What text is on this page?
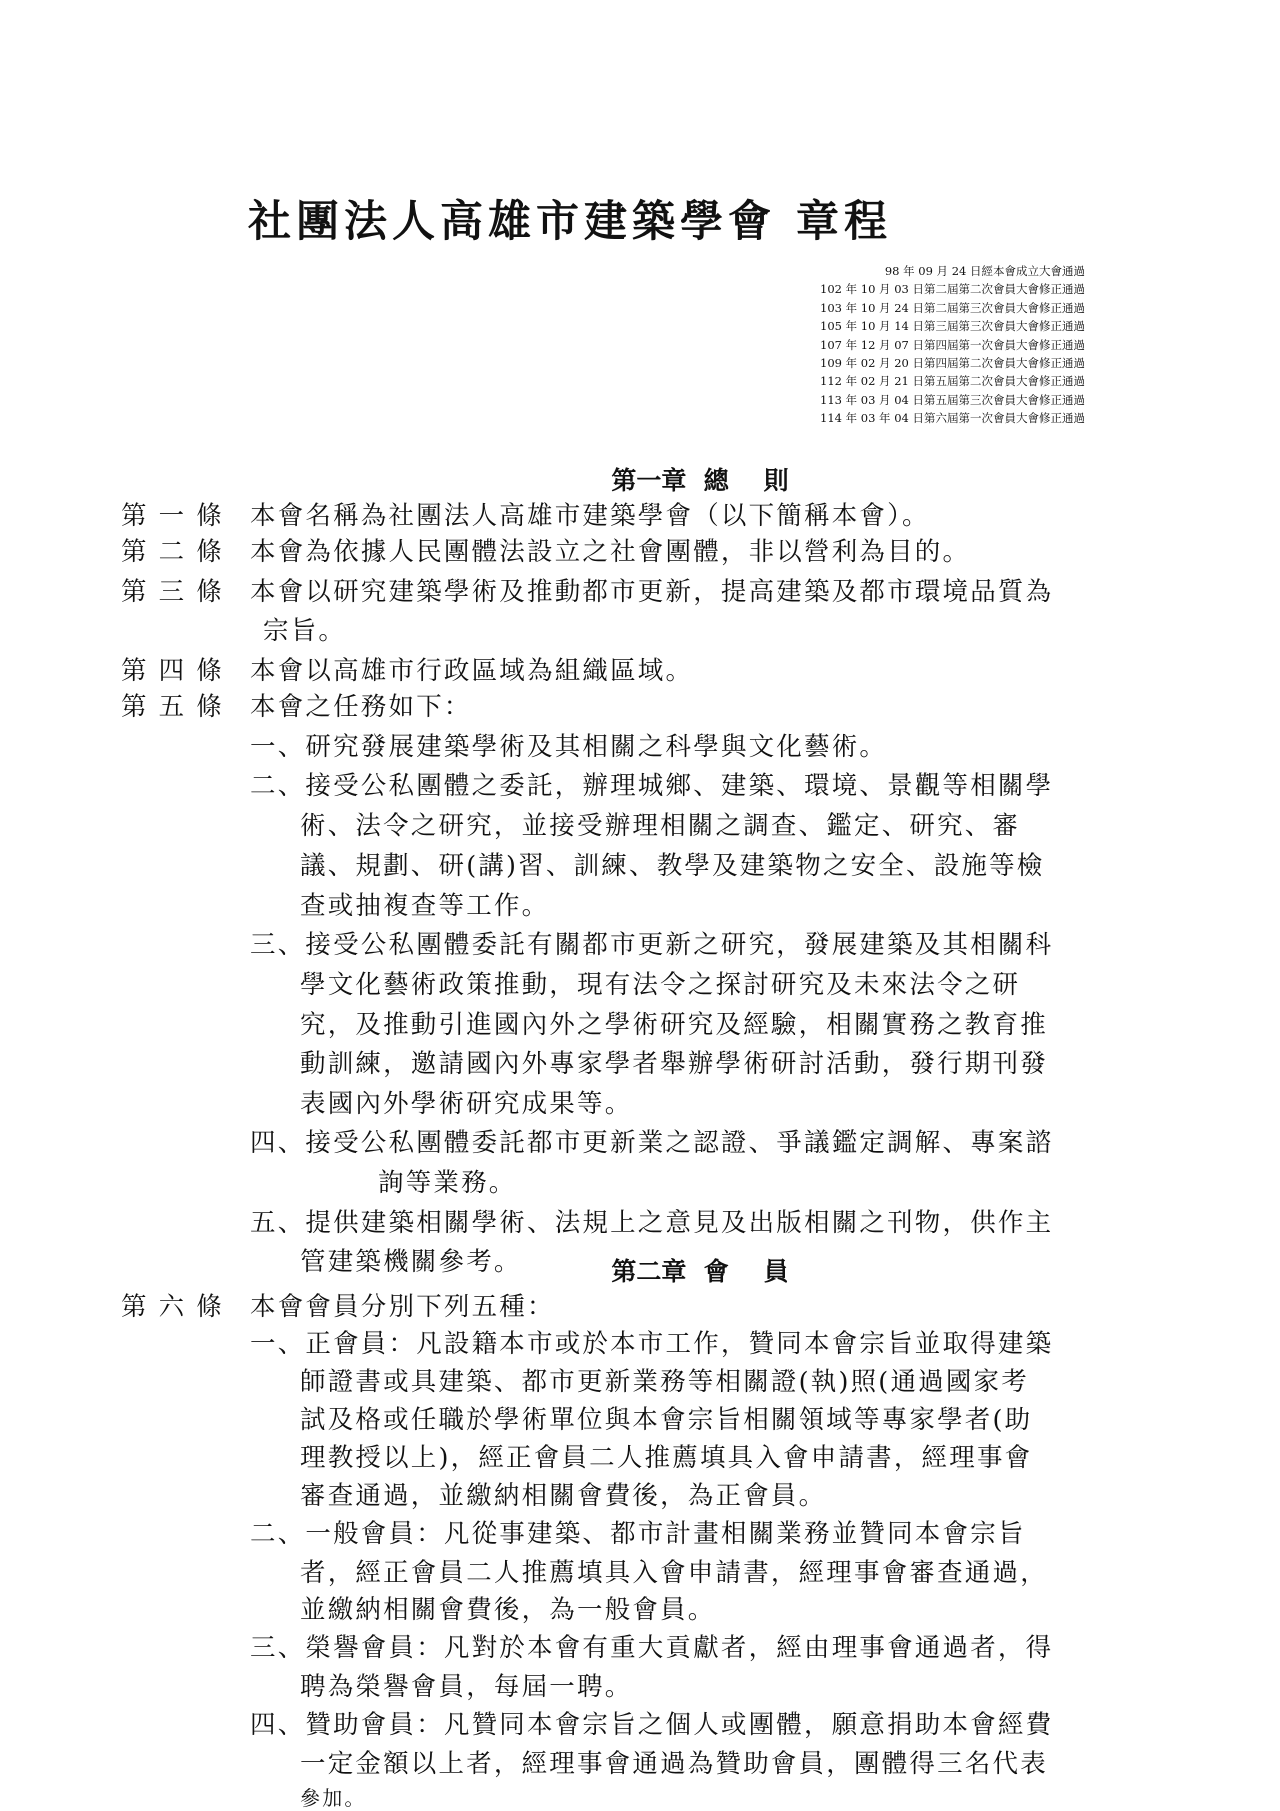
社團法人高雄市建築學會 章程
98 年 09 月 24 日經本會成立大會通過
102 年 10 月 03 日第二屆第二次會員大會修正通過
103 年 10 月 24 日第二屆第三次會員大會修正通過
105 年 10 月 14 日第三屆第三次會員大會修正通過
107 年 12 月 07 日第四屆第一次會員大會修正通過
109 年 02 月 20 日第四屆第二次會員大會修正通過
112 年 02 月 21 日第五屆第二次會員大會修正通過
113 年 03 月 04 日第五屆第三次會員大會修正通過
114 年 03 年 04 日第六屆第一次會員大會修正通過
第一章  總    則
第 一 條 本會名稱為社團法人高雄市建築學會（以下簡稱本會）。
第 二 條 本會為依據人民團體法設立之社會團體，非以營利為目的。
第 三 條 本會以研究建築學術及推動都市更新，提高建築及都市環境品質為
宗旨。
第 四 條 本會以高雄市行政區域為組織區域。
第 五 條 本會之任務如下：
一、研究發展建築學術及其相關之科學與文化藝術。
二、接受公私團體之委託，辦理城鄉、建築、環境、景觀等相關學
術、法令之研究，並接受辦理相關之調查、鑑定、研究、審
議、規劃、研(講)習、訓練、教學及建築物之安全、設施等檢
查或抽複查等工作。
三、接受公私團體委託有關都市更新之研究，發展建築及其相關科
學文化藝術政策推動，現有法令之探討研究及未來法令之研
究，及推動引進國內外之學術研究及經驗，相關實務之教育推
動訓練，邀請國內外專家學者舉辦學術研討活動，發行期刊發
表國內外學術研究成果等。
四、接受公私團體委託都市更新業之認證、爭議鑑定調解、專案諮
詢等業務。
五、提供建築相關學術、法規上之意見及出版相關之刊物，供作主
管建築機關參考。	第二章  會    員
第 六 條 本會會員分別下列五種：
一、正會員：凡設籍本市或於本市工作，贊同本會宗旨並取得建築
師證書或具建築、都市更新業務等相關證(執)照(通過國家考
試及格或任職於學術單位與本會宗旨相關領域等專家學者(助
理教授以上)，經正會員二人推薦填具入會申請書，經理事會
審查通過，並繳納相關會費後，為正會員。
二、一般會員：凡從事建築、都市計畫相關業務並贊同本會宗旨
者，經正會員二人推薦填具入會申請書，經理事會審查通過，
並繳納相關會費後，為一般會員。
三、榮譽會員：凡對於本會有重大貢獻者，經由理事會通過者，得
聘為榮譽會員，每屆一聘。
四、贊助會員：凡贊同本會宗旨之個人或團體，願意捐助本會經費
一定金額以上者，經理事會通過為贊助會員，團體得三名代表
參加。
